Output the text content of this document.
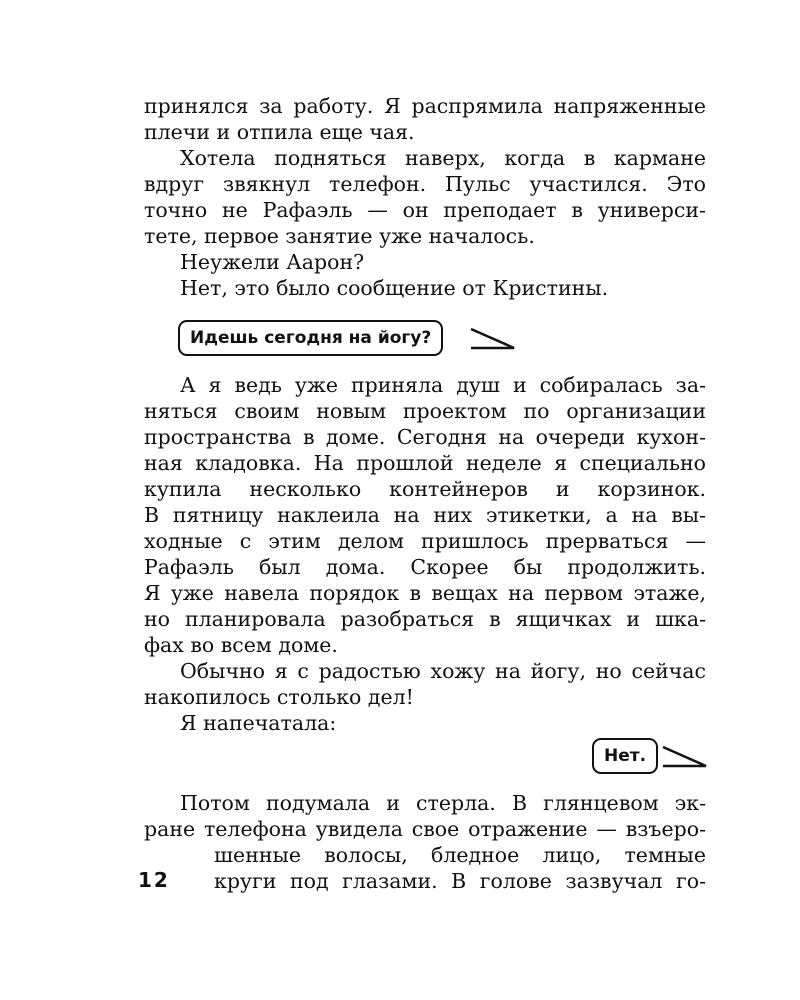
принялся за работу. Я распрямила напряженные

плечи и отпила еще чая.

Хотела подняться наверх, когда в кармане

вдруг звякнул телефон. Пульс участился. Это

точно не Рафаэль — он преподает в универси-

тете, первое занятие уже началось.

Неужели Аарон?

Нет, это было сообщение от Кристины.

Идешь сегодня на йогу?

А я ведь уже приняла душ и собиралась за-

няться своим новым проектом по организации

пространства в доме. Сегодня на очереди кухон-

ная кладовка. На прошлой неделе я специально

купила несколько контейнеров и корзинок.

В пятницу наклеила на них этикетки, а на вы-

ходные с этим делом пришлось прерваться —

Рафаэль был дома. Скорее бы продолжить.

Я уже навела порядок в вещах на первом этаже,

но планировала разобраться в ящичках и шка-

фах во всем доме.

Обычно я с радостью хожу на йогу, но сейчас

накопилось столько дел!

Я напечатала:

Нет.

Потом подумала и стерла. В глянцевом эк-

ране телефона увидела свое отражение — взъеро-

шенные волосы, бледное лицо, темные

круги под глазами. В голове зазвучал го-

12
